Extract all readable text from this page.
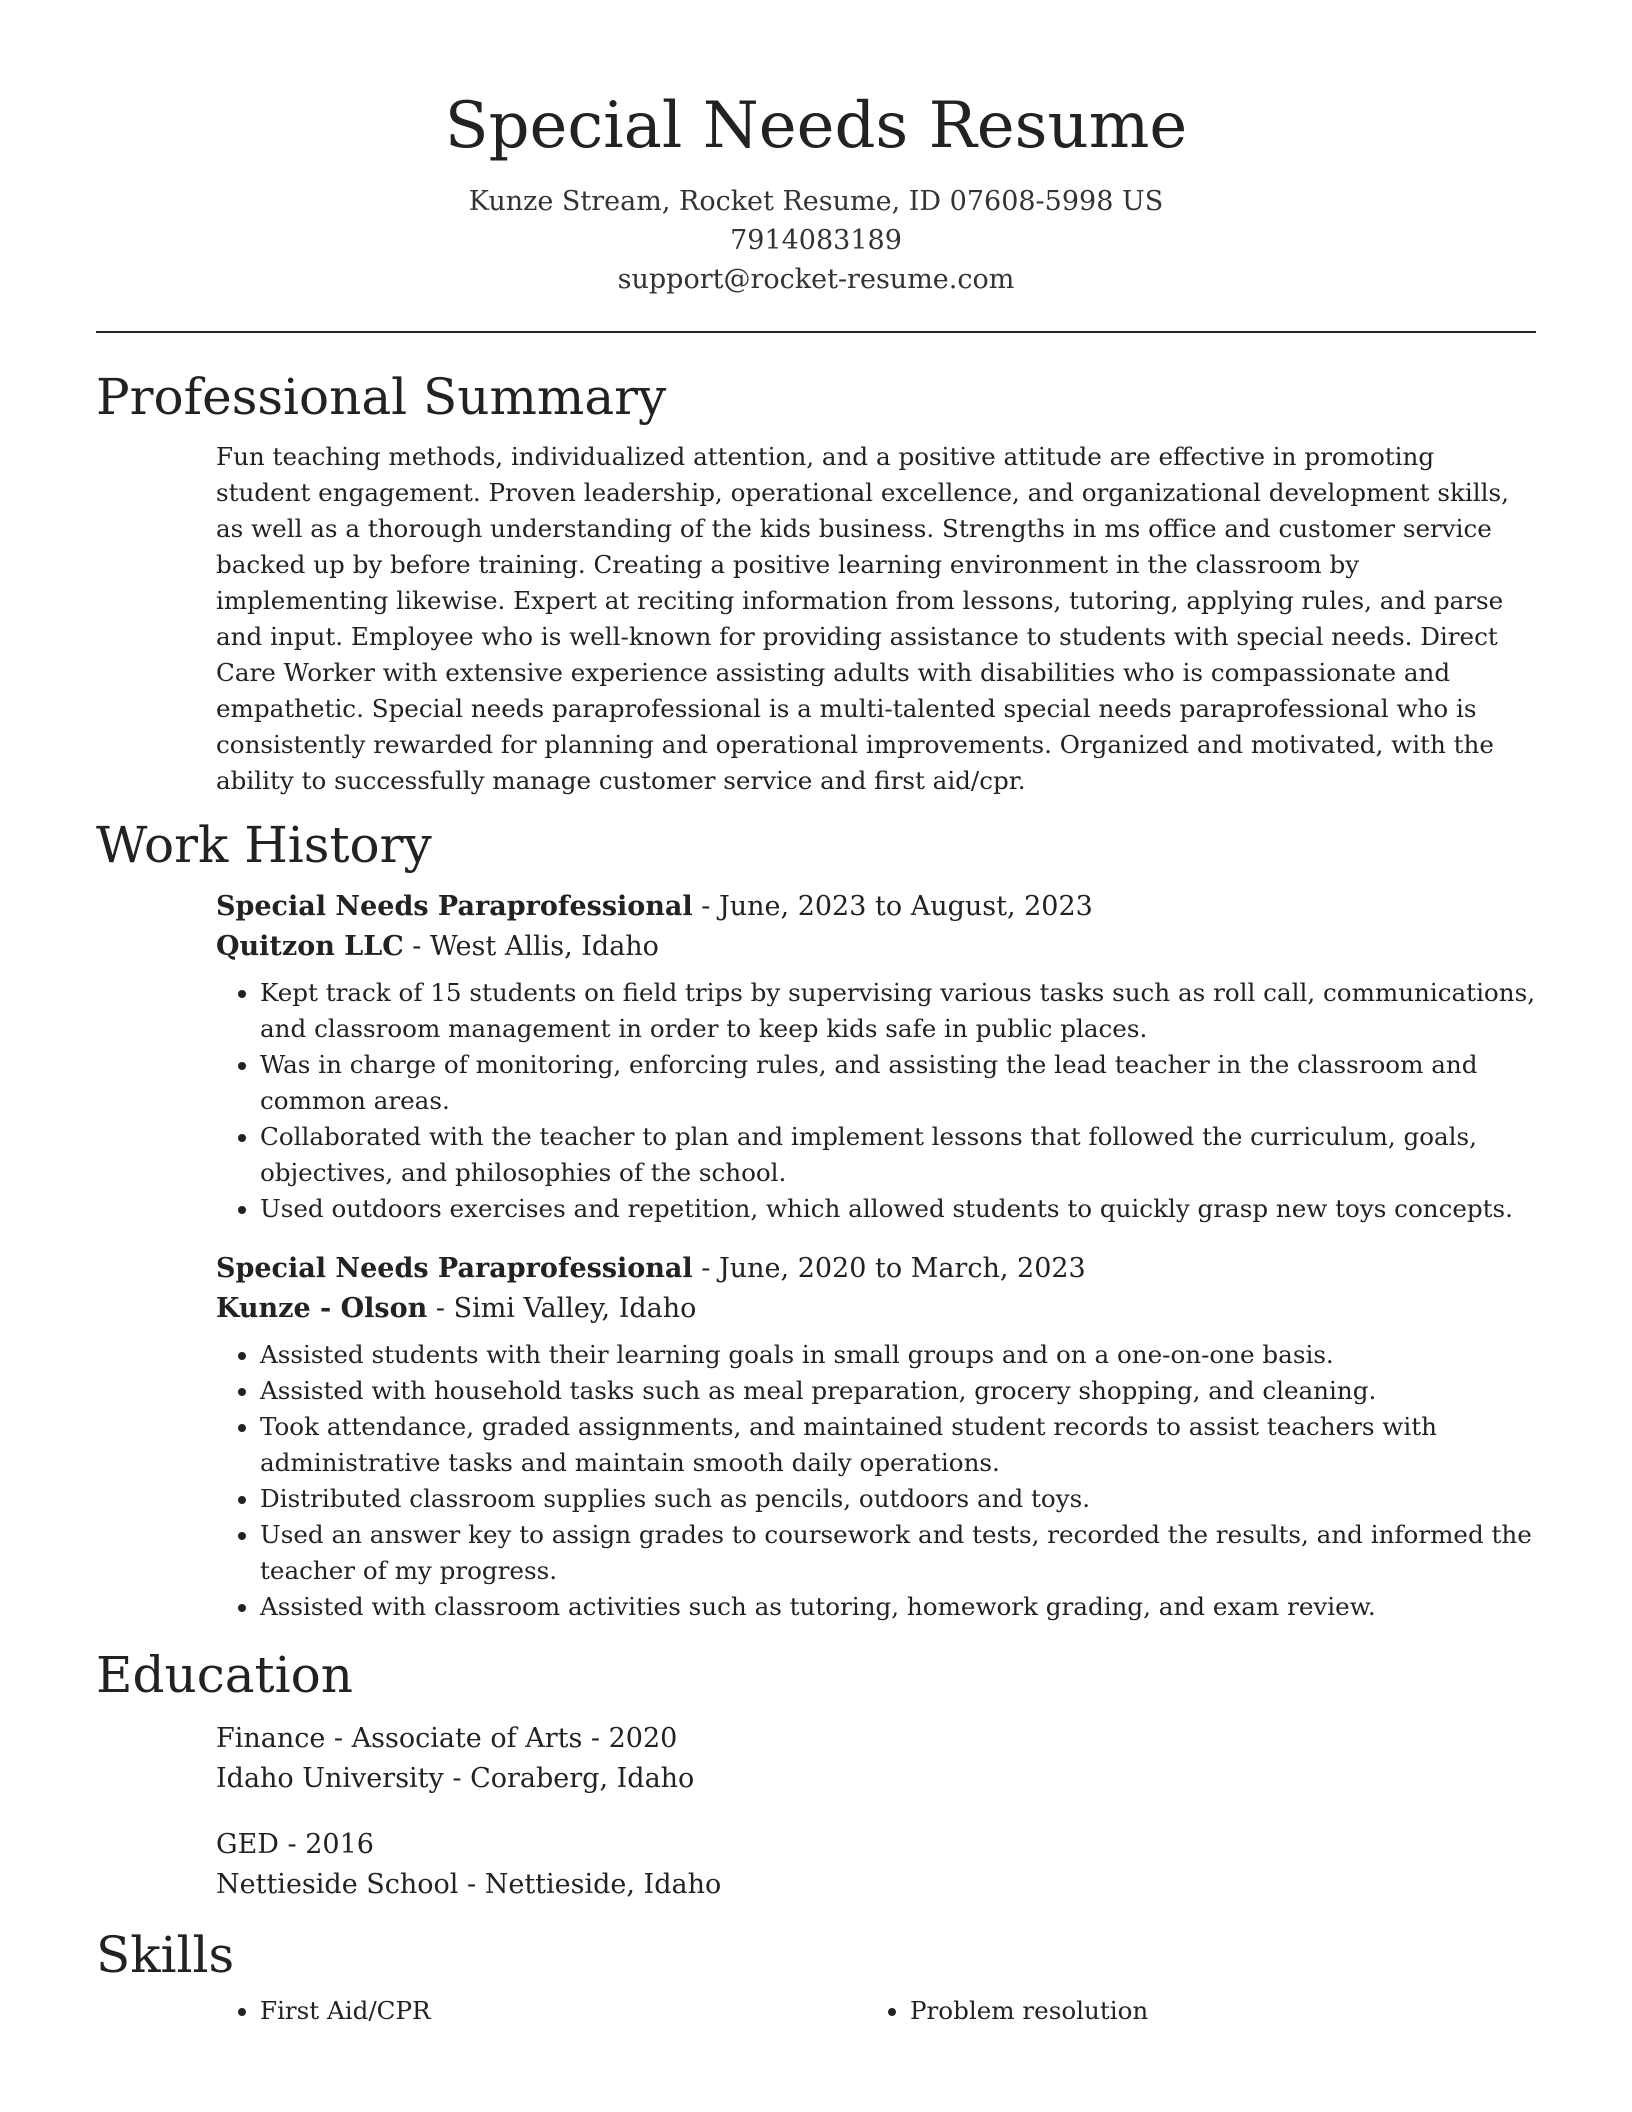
Special Needs Resume
Kunze Stream, Rocket Resume, ID 07608-5998 US
7914083189
support@rocket-resume.com
Professional Summary
Fun teaching methods, individualized attention, and a positive attitude are effective in promoting student engagement. Proven leadership, operational excellence, and organizational development skills, as well as a thorough understanding of the kids business. Strengths in ms office and customer service backed up by before training. Creating a positive learning environment in the classroom by implementing likewise. Expert at reciting information from lessons, tutoring, applying rules, and parse and input. Employee who is well-known for providing assistance to students with special needs. Direct Care Worker with extensive experience assisting adults with disabilities who is compassionate and empathetic. Special needs paraprofessional is a multi-talented special needs paraprofessional who is consistently rewarded for planning and operational improvements. Organized and motivated, with the ability to successfully manage customer service and first aid/cpr.
Work History
Special Needs Paraprofessional - June, 2023 to August, 2023
Quitzon LLC - West Allis, Idaho
• Kept track of 15 students on field trips by supervising various tasks such as roll call, communications, and classroom management in order to keep kids safe in public places.
• Was in charge of monitoring, enforcing rules, and assisting the lead teacher in the classroom and common areas.
• Collaborated with the teacher to plan and implement lessons that followed the curriculum, goals, objectives, and philosophies of the school.
• Used outdoors exercises and repetition, which allowed students to quickly grasp new toys concepts.
Special Needs Paraprofessional - June, 2020 to March, 2023
Kunze - Olson - Simi Valley, Idaho
• Assisted students with their learning goals in small groups and on a one-on-one basis.
• Assisted with household tasks such as meal preparation, grocery shopping, and cleaning.
• Took attendance, graded assignments, and maintained student records to assist teachers with administrative tasks and maintain smooth daily operations.
• Distributed classroom supplies such as pencils, outdoors and toys.
• Used an answer key to assign grades to coursework and tests, recorded the results, and informed the teacher of my progress.
• Assisted with classroom activities such as tutoring, homework grading, and exam review.
Education
Finance - Associate of Arts - 2020
Idaho University - Coraberg, Idaho
GED - 2016
Nettieside School - Nettieside, Idaho
Skills
• First Aid/CPR
•	Problem resolution
